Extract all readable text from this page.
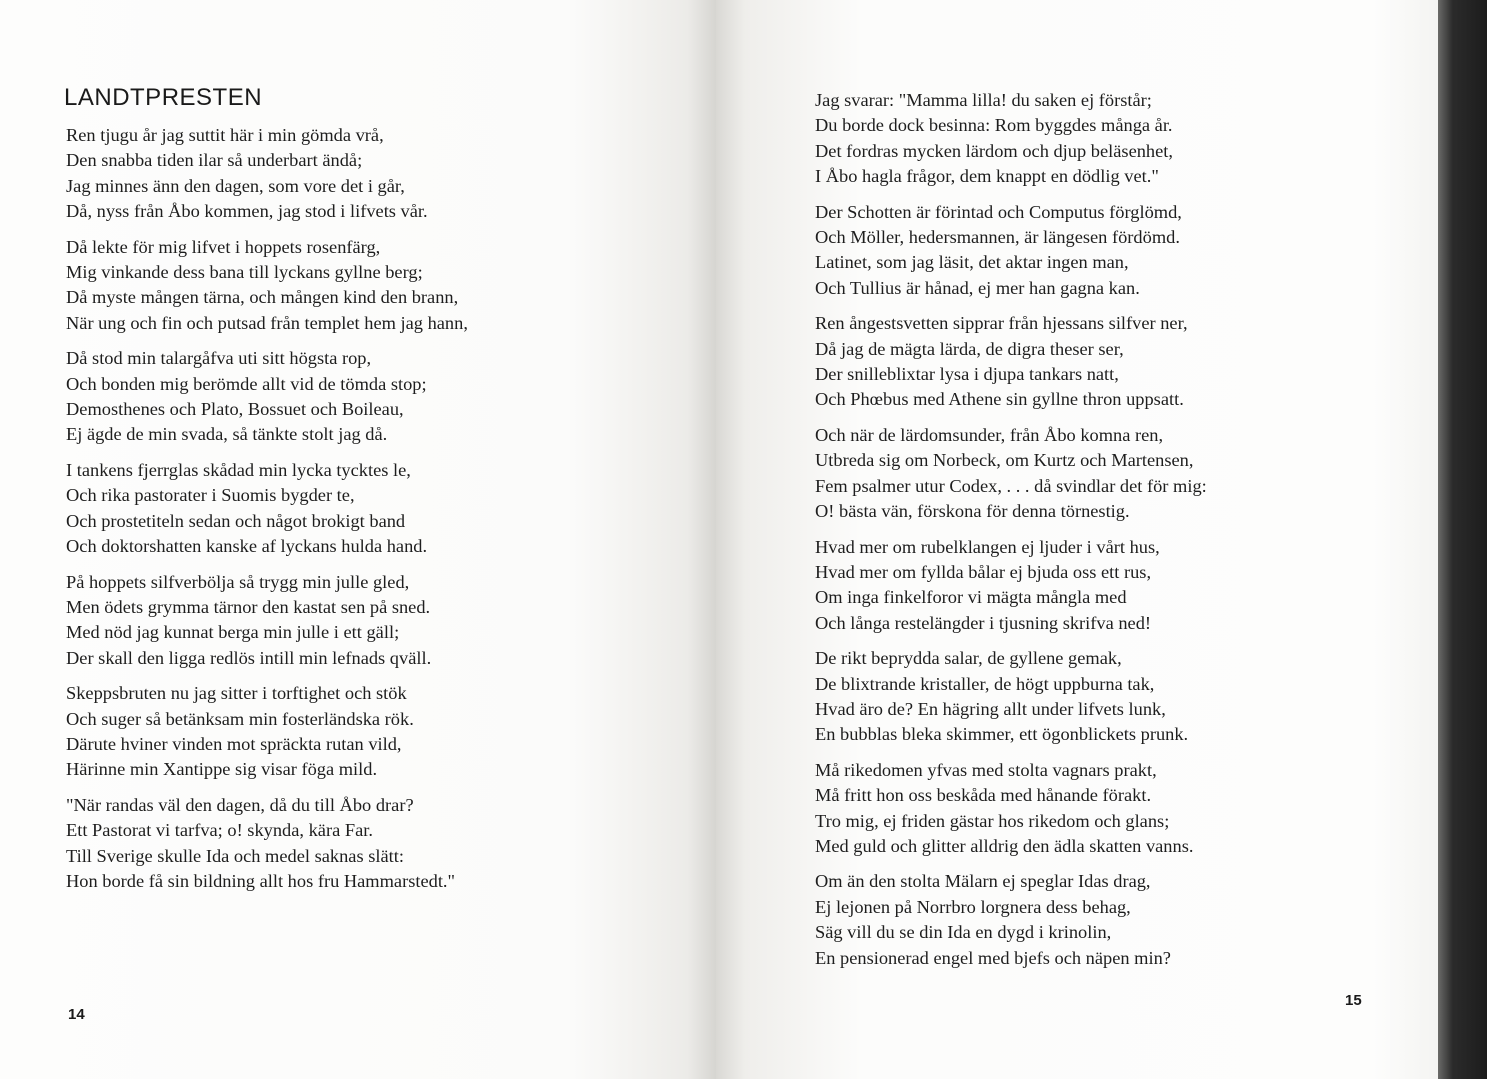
LANDTPRESTEN
Ren tjugu år jag suttit här i min gömda vrå,
Den snabba tiden ilar så underbart ändå;
Jag minnes änn den dagen, som vore det i går,
Då, nyss från Åbo kommen, jag stod i lifvets vår.
Då lekte för mig lifvet i hoppets rosenfärg,
Mig vinkande dess bana till lyckans gyllne berg;
Då myste mången tärna, och mången kind den brann,
När ung och fin och putsad från templet hem jag hann,
Då stod min talargåfva uti sitt högsta rop,
Och bonden mig berömde allt vid de tömda stop;
Demosthenes och Plato, Bossuet och Boileau,
Ej ägde de min svada, så tänkte stolt jag då.
I tankens fjerrglas skådad min lycka tycktes le,
Och rika pastorater i Suomis bygder te,
Och prostetiteln sedan och något brokigt band
Och doktorshatten kanske af lyckans hulda hand.
På hoppets silfverbölja så trygg min julle gled,
Men ödets grymma tärnor den kastat sen på sned.
Med nöd jag kunnat berga min julle i ett gäll;
Der skall den ligga redlös intill min lefnads qväll.
Skeppsbruten nu jag sitter i torftighet och stök
Och suger så betänksam min fosterländska rök.
Därute hviner vinden mot spräckta rutan vild,
Härinne min Xantippe sig visar föga mild.
"När randas väl den dagen, då du till Åbo drar?
Ett Pastorat vi tarfva; o! skynda, kära Far.
Till Sverige skulle Ida och medel saknas slätt:
Hon borde få sin bildning allt hos fru Hammarstedt."
14
15
Jag svarar: "Mamma lilla! du saken ej förstår;
Du borde dock besinna: Rom byggdes många år.
Det fordras mycken lärdom och djup beläsenhet,
I Åbo hagla frågor, dem knappt en dödlig vet."
Der Schotten är förintad och Computus förglömd,
Och Möller, hedersmannen, är längesen fördömd.
Latinet, som jag läsit, det aktar ingen man,
Och Tullius är hånad, ej mer han gagna kan.
Ren ångestsvetten sipprar från hjessans silfver ner,
Då jag de mägta lärda, de digra theser ser,
Der snilleblixtar lysa i djupa tankars natt,
Och Phœbus med Athene sin gyllne thron uppsatt.
Och när de lärdomsunder, från Åbo komna ren,
Utbreda sig om Norbeck, om Kurtz och Martensen,
Fem psalmer utur Codex, . . . då svindlar det för mig:
O! bästa vän, förskona för denna törnestig.
Hvad mer om rubelklangen ej ljuder i vårt hus,
Hvad mer om fyllda bålar ej bjuda oss ett rus,
Om inga finkelforor vi mägta mångla med
Och långa restelängder i tjusning skrifva ned!
De rikt beprydda salar, de gyllene gemak,
De blixtrande kristaller, de högt uppburna tak,
Hvad äro de? En hägring allt under lifvets lunk,
En bubblas bleka skimmer, ett ögonblickets prunk.
Må rikedomen yfvas med stolta vagnars prakt,
Må fritt hon oss beskåda med hånande förakt.
Tro mig, ej friden gästar hos rikedom och glans;
Med guld och glitter alldrig den ädla skatten vanns.
Om än den stolta Mälarn ej speglar Idas drag,
Ej lejonen på Norrbro lorgnera dess behag,
Säg vill du se din Ida en dygd i krinolin,
En pensionerad engel med bjefs och näpen min?
